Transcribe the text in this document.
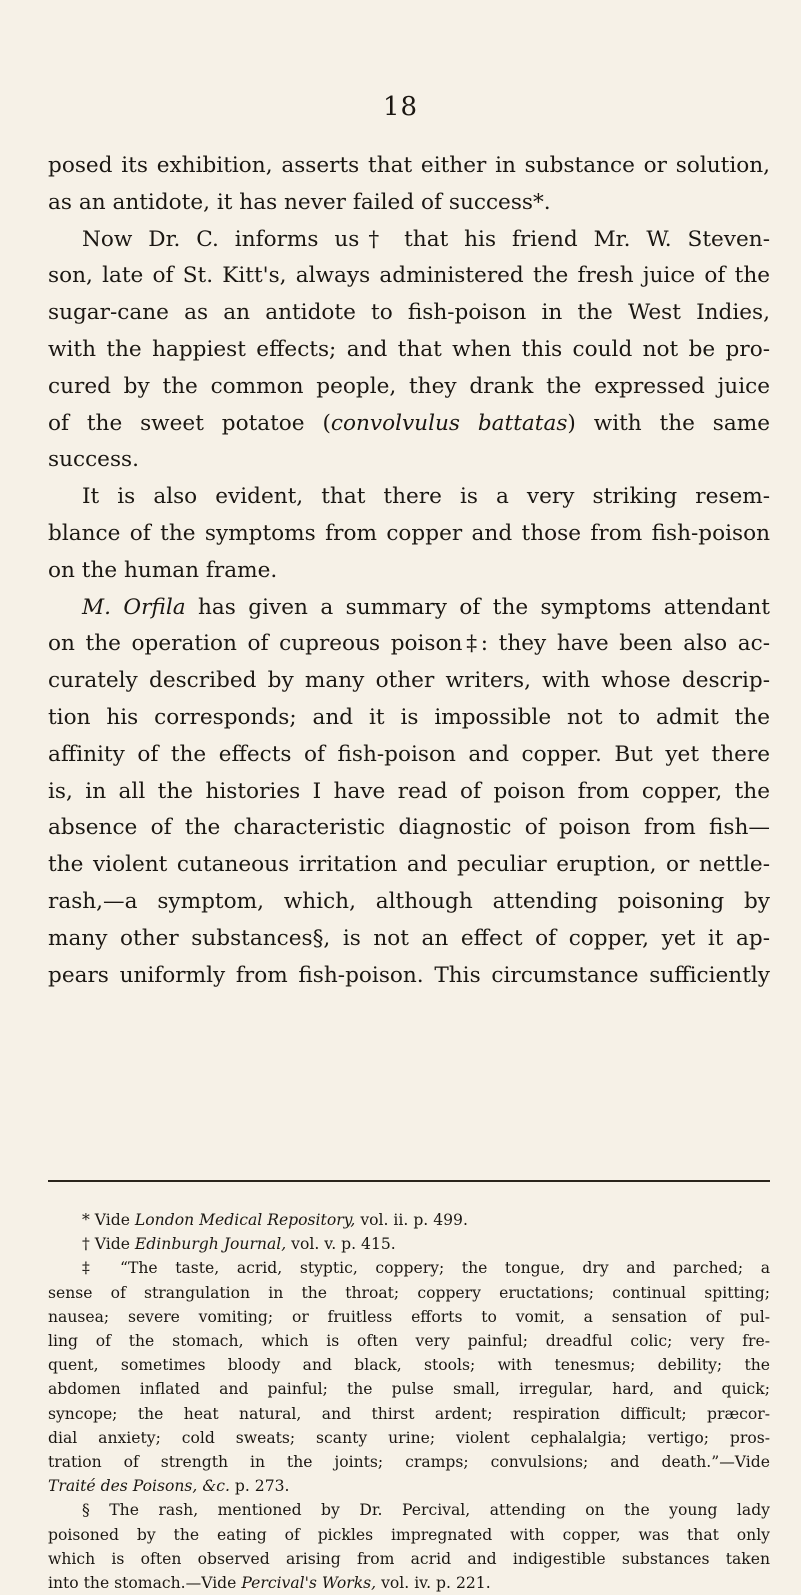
18
posed its exhibition, asserts that either in substance or solution,
as an antidote, it has never failed of success*.
Now Dr. C. informs us† that his friend Mr. W. Steven-
son, late of St. Kitt's, always administered the fresh juice of the
sugar-cane as an antidote to fish-poison in the West Indies,
with the happiest effects; and that when this could not be pro-
cured by the common people, they drank the expressed juice
of the sweet potatoe (convolvulus battatas) with the same
success.
It is also evident, that there is a very striking resem-
blance of the symptoms from copper and those from fish-poison
on the human frame.
M. Orfila has given a summary of the symptoms attendant
on the operation of cupreous poison‡: they have been also ac-
curately described by many other writers, with whose descrip-
tion his corresponds; and it is impossible not to admit the
affinity of the effects of fish-poison and copper. But yet there
is, in all the histories I have read of poison from copper, the
absence of the characteristic diagnostic of poison from fish—
the violent cutaneous irritation and peculiar eruption, or nettle-
rash,—a symptom, which, although attending poisoning by
many other substances§, is not an effect of copper, yet it ap-
pears uniformly from fish-poison. This circumstance sufficiently
* Vide London Medical Repository, vol. ii. p. 499.
† Vide Edinburgh Journal, vol. v. p. 415.
‡ “The taste, acrid, styptic, coppery; the tongue, dry and parched; a
sense of strangulation in the throat; coppery eructations; continual spitting;
nausea; severe vomiting; or fruitless efforts to vomit, a sensation of pul-
ling of the stomach, which is often very painful; dreadful colic; very fre-
quent, sometimes bloody and black, stools; with tenesmus; debility; the
abdomen inflated and painful; the pulse small, irregular, hard, and quick;
syncope; the heat natural, and thirst ardent; respiration difficult; præcor-
dial anxiety; cold sweats; scanty urine; violent cephalalgia; vertigo; pros-
tration of strength in the joints; cramps; convulsions; and death.”—Vide
Traité des Poisons, &c. p. 273.
§ The rash, mentioned by Dr. Percival, attending on the young lady
poisoned by the eating of pickles impregnated with copper, was that only
which is often observed arising from acrid and indigestible substances taken
into the stomach.—Vide Percival's Works, vol. iv. p. 221.
